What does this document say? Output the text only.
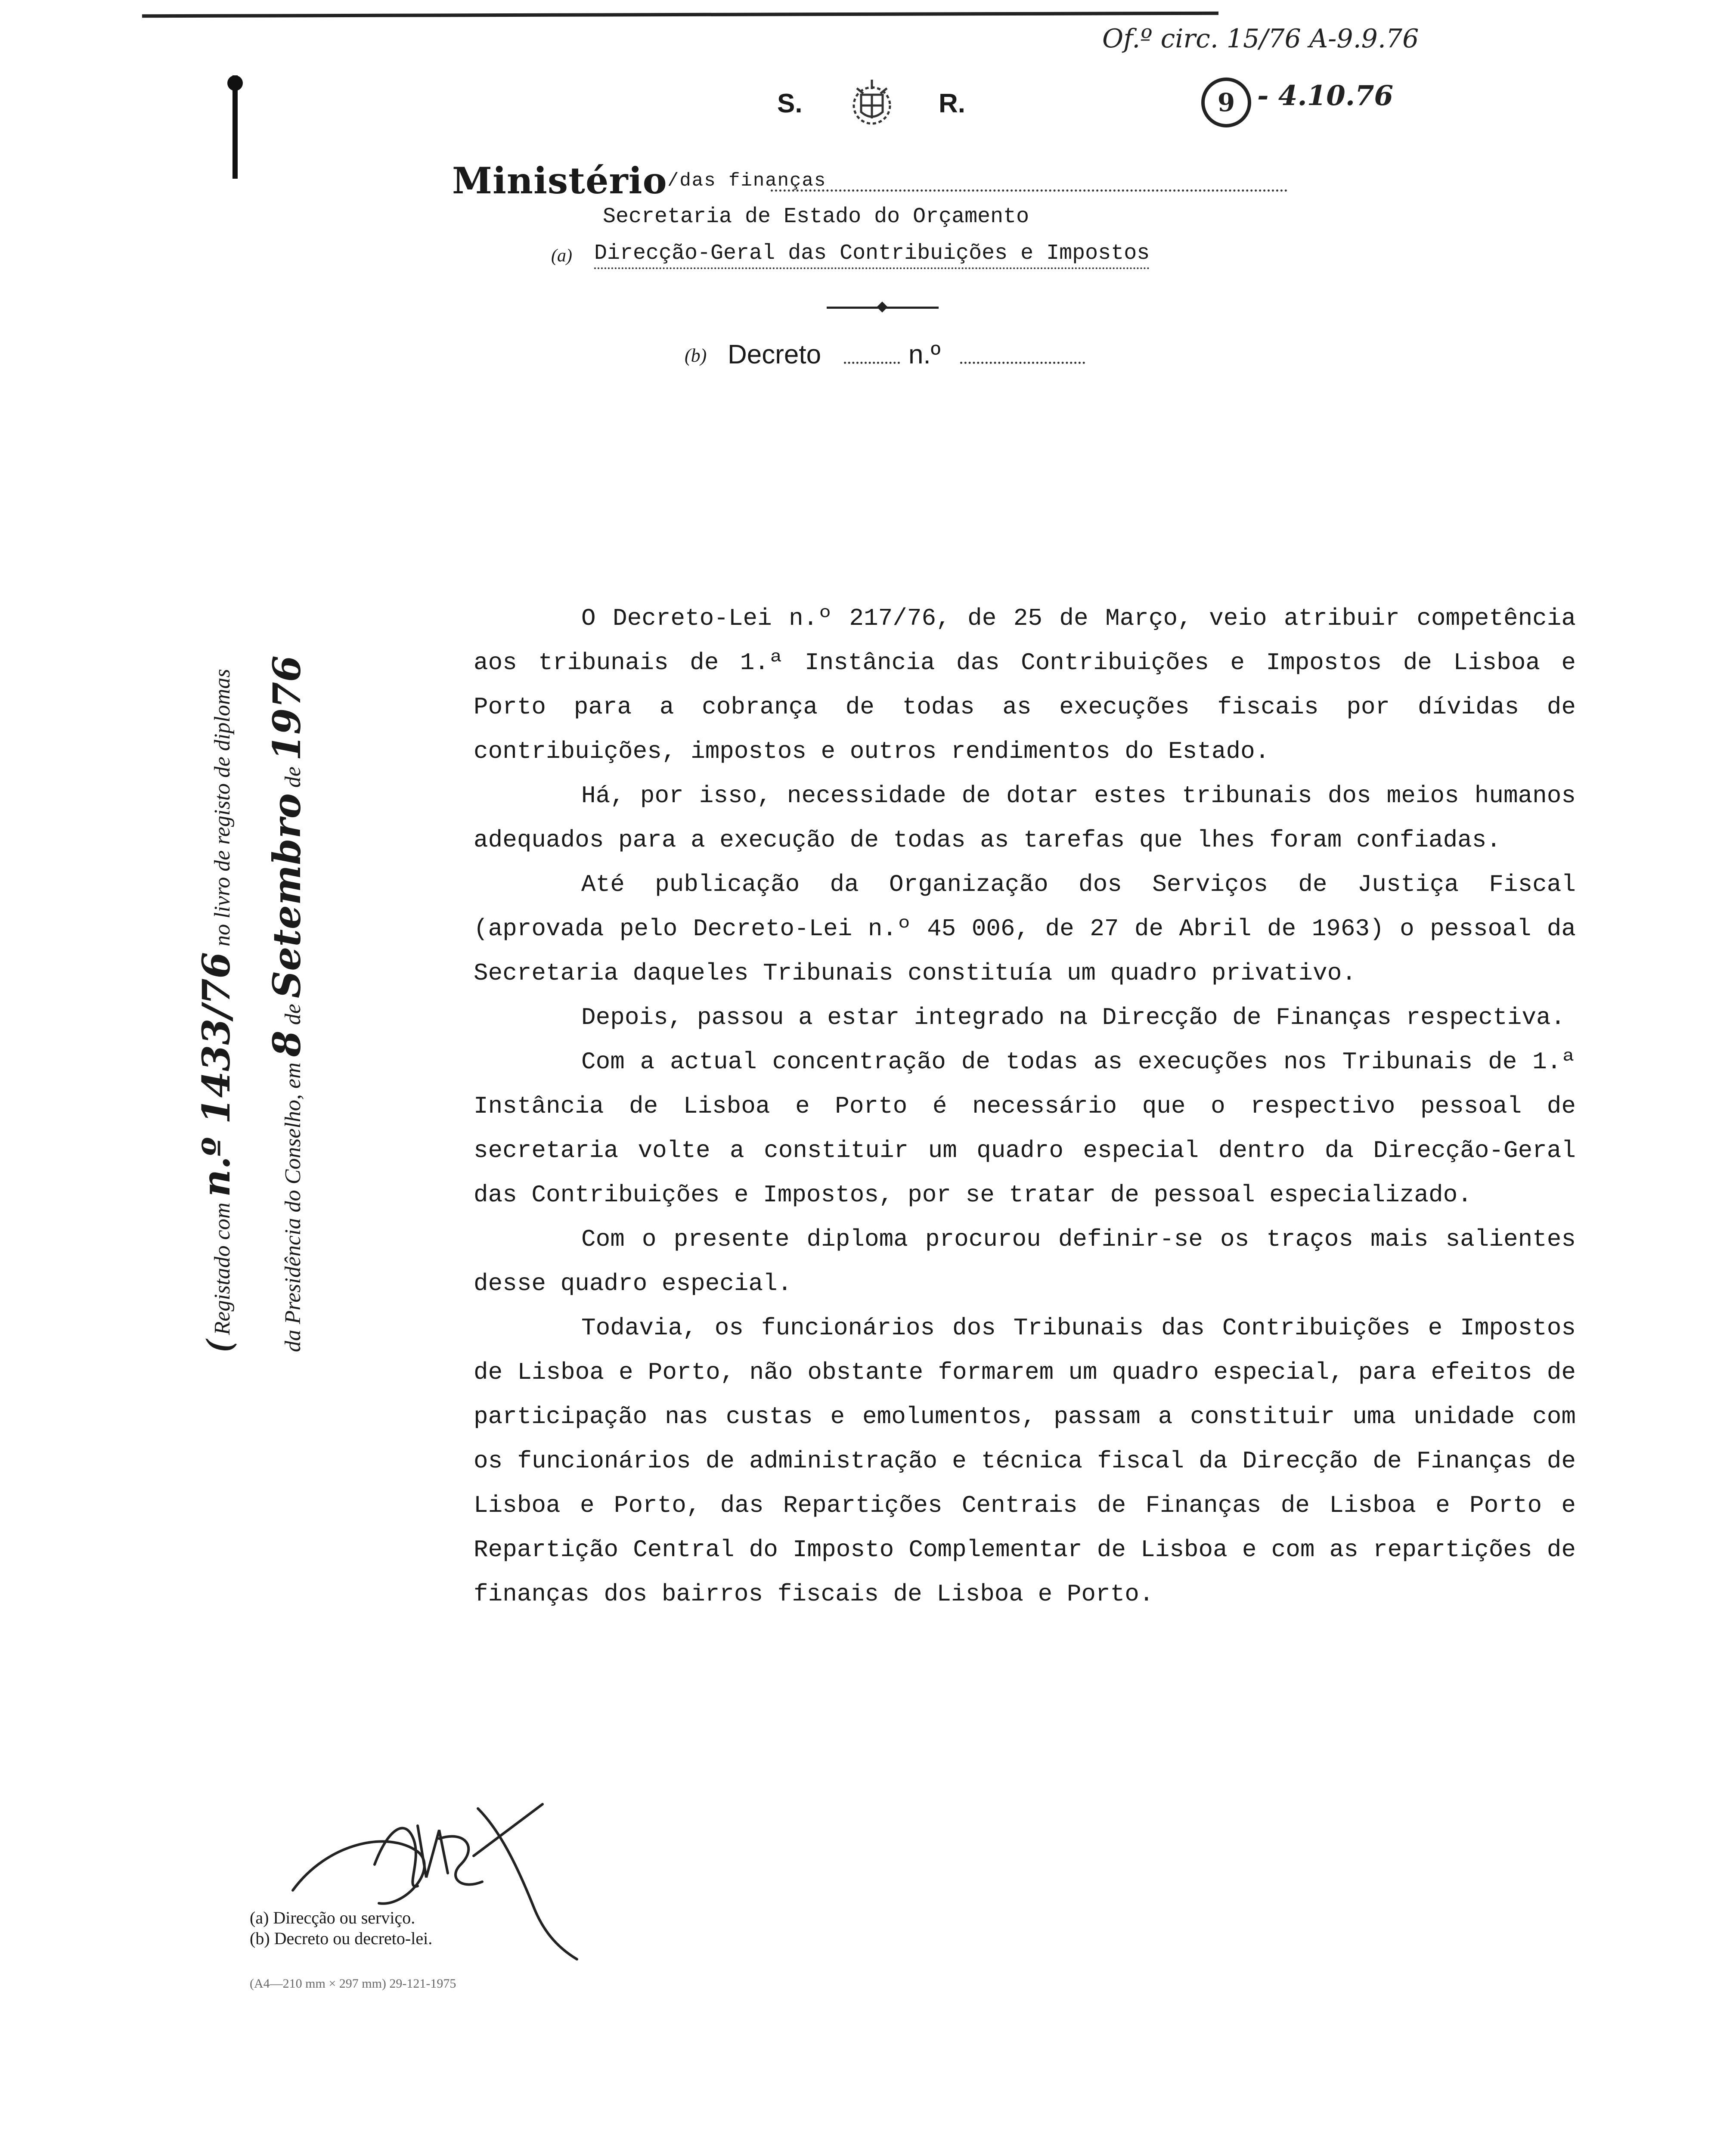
Of.º circ. 15/76 A-9.9.76
9 - 4.10.76
S.	R.
Ministério /das finanças
Secretaria de Estado do Orçamento
(a) Direcção-Geral das Contribuições e Impostos
(b) Decreto	n.º
( Registado com n.º 1433/76 no livro de registo de diplomas
da Presidência do Conselho, em 8 de Setembro de 1976

O Decreto-Lei n.º 217/76, de 25 de Março, veio atribuir competência aos tribunais de 1.ª Instância das Contribuições e Impostos de Lisboa e Porto para a cobrança de todas as execuções fiscais por dívidas de contribuições, impostos e outros rendimentos do Estado.

Há, por isso, necessidade de dotar estes tribunais dos meios humanos adequados para a execução de todas as tarefas que lhes foram confiadas.

Até publicação da Organização dos Serviços de Justiça Fiscal (aprovada pelo Decreto-Lei n.º 45 006, de 27 de Abril de 1963) o pessoal da Secretaria daqueles Tribunais constituía um quadro privativo.

Depois, passou a estar integrado na Direcção de Finanças respectiva.

Com a actual concentração de todas as execuções nos Tribunais de 1.ª Instância de Lisboa e Porto é necessário que o respectivo pessoal de secretaria volte a constituir um quadro especial dentro da Direcção-Geral das Contribuições e Impostos, por se tratar de pessoal especializado.

Com o presente diploma procurou definir-se os traços mais salientes desse quadro especial.

Todavia, os funcionários dos Tribunais das Contribuições e Impostos de Lisboa e Porto, não obstante formarem um quadro especial, para efeitos de participação nas custas e emolumentos, passam a constituir uma unidade com os funcionários de administração e técnica fiscal da Direcção de Finanças de Lisboa e Porto, das Repartições Centrais de Finanças de Lisboa e Porto e Repartição Central do Imposto Complementar de Lisboa e com as repartições de finanças dos bairros fiscais de Lisboa e Porto.

(a) Direcção ou serviço.
(b) Decreto ou decreto-lei.
(A4—210 mm × 297 mm) 29-121-1975
